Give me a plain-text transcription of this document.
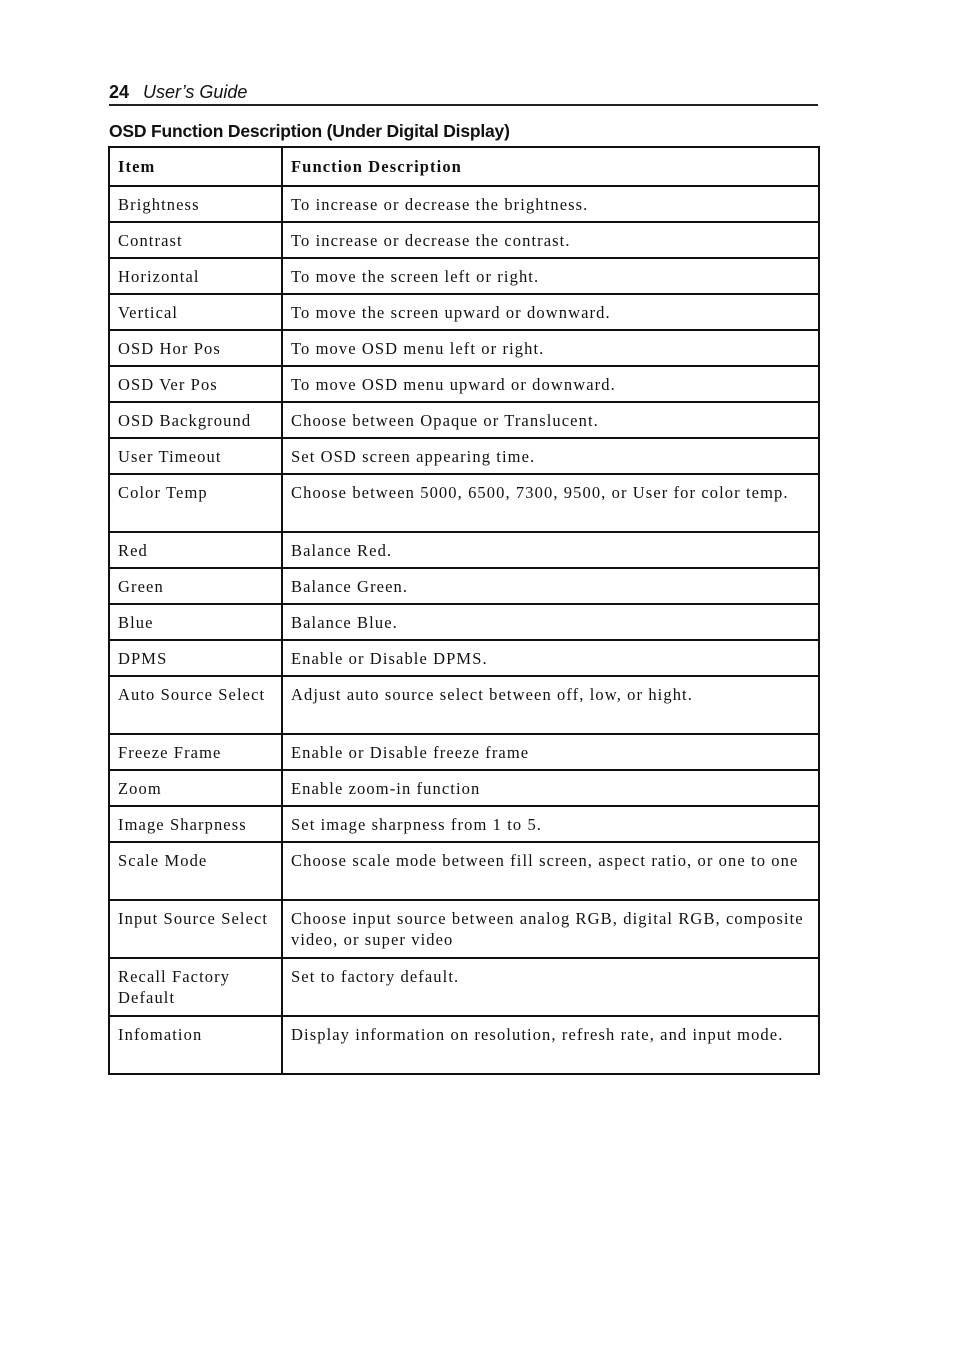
24 User’s Guide
OSD Function Description (Under Digital Display)
Item	Function Description
Brightness	To increase or decrease the brightness.
Contrast	To increase or decrease the contrast.
Horizontal	To move the screen left or right.
Vertical	To move the screen upward or downward.
OSD Hor Pos	To move OSD menu left or right.
OSD Ver Pos	To move OSD menu upward or downward.
OSD Background	Choose between Opaque or Translucent.
User Timeout	Set OSD screen appearing time.
Color Temp	Choose between 5000, 6500, 7300, 9500, or User for color temp.
Red	Balance Red.
Green	Balance Green.
Blue	Balance Blue.
DPMS	Enable or Disable DPMS.
Auto Source Select	Adjust auto source select between off, low, or hight.
Freeze Frame	Enable or Disable freeze frame
Zoom	Enable zoom-in function
Image Sharpness	Set image sharpness from 1 to 5.
Scale Mode	Choose scale mode between fill screen, aspect ratio, or one to one
Input Source Select	Choose input source between analog RGB, digital RGB, composite video, or super video
Recall Factory Default	Set to factory default.
Infomation	Display information on resolution, refresh rate, and input mode.
